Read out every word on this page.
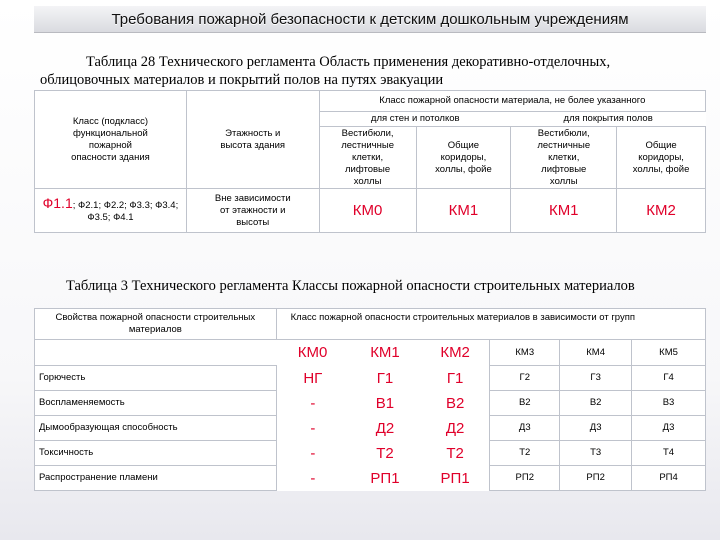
Требования пожарной безопасности к детским дошкольным учреждениям
Таблица 28 Технического регламента Область применения декоративно-отделочных,
облицовочных материалов и покрытий полов на путях эвакуации
Класс (подкласс) функциональной пожарной опасности здания	Этажность и высота здания	Класс пожарной опасности материала, не более указанного			
		для стен и потолков		для покрытия полов	
		Вестибюли, лестничные клетки, лифтовые холлы	Общие коридоры, холлы, фойе	Вестибюли, лестничные клетки, лифтовые холлы	Общие коридоры, холлы, фойе
Ф1.1; Ф2.1; Ф2.2; Ф3.3; Ф3.4; Ф3.5; Ф4.1	Вне зависимости от этажности и высоты	КМ0	КМ1	КМ1	КМ2
Таблица 3 Технического регламента Классы пожарной опасности строительных материалов
Свойства пожарной опасности строительных материалов	Класс пожарной опасности строительных материалов в зависимости от групп					
	КМ0	КМ1	КМ2	КМ3	КМ4	КМ5
Горючесть	НГ	Г1	Г1	Г2	Г3	Г4
Воспламеняемость	-	В1	В2	В2	В2	В3
Дымообразующая способность	-	Д2	Д2	Д3	Д3	Д3
Токсичность	-	Т2	Т2	Т2	Т3	Т4
Распространение пламени	-	РП1	РП1	РП2	РП2	РП4
